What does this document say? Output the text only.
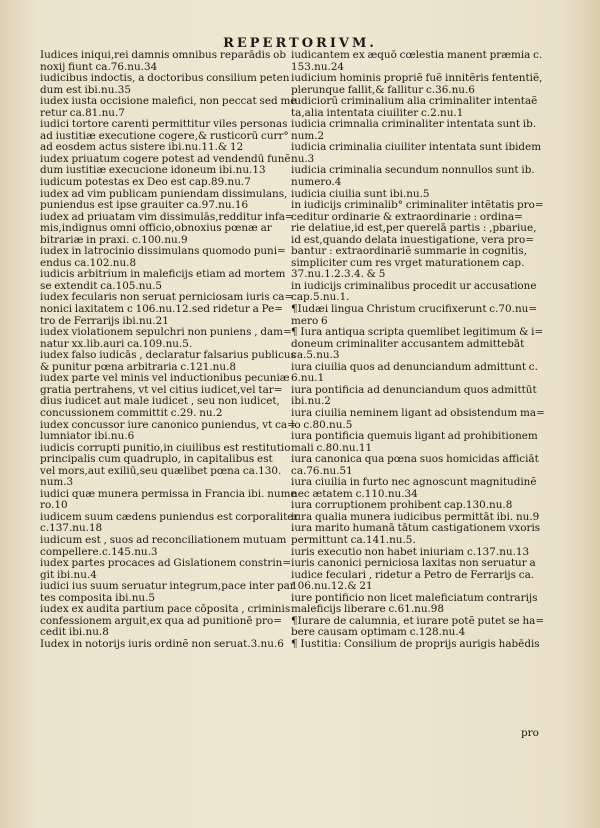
REPERTORIVM.
Iudices iniqui,rei damnis omnibus reparādis ob
noxij fiunt ca.76.nu.34
iudicibus indoctis, a doctoribus consilium peten
dum est ibi.nu.35
iudex iusta occisione malefici, non peccat sed me
retur ca.81.nu.7
iudici tortore carenti permittitur viles personas
ad iustitiæ executione cogere,& rusticorū curr°
ad eosdem actus sistere ibi.nu.11.& 12
iudex priuatum cogere potest ad vendendū funẽ
dum iustitiæ execucione idoneum ibi.nu.13
iudicum potestas ex Deo est cap.89.nu.7
iudex ad vim publicam puniendam dissimulans,
puniendus est ipse grauiter ca.97.nu.16
iudex ad priuatam vim dissimulās,redditur infa=
mis,indignus omni officio,obnoxius pœnæ ar
bitrariæ in praxi. c.100.nu.9
iudex in latrocinio dissimulans quomodo puni=
endus ca.102.nu.8
iudicis arbitrium in maleficijs etiam ad mortem
se extendit ca.105.nu.5
iudex fecularis non seruat perniciosam iuris ca=
nonici laxitatem c 106.nu.12.sed ridetur a Pe=
tro de Ferrarijs ibi.nu.21
iudex violationem sepulchri non puniens , dam=
natur xx.lib.auri ca.109.nu.5.
iudex falso iudicās , declaratur falsarius publicus
& punitur pœna arbitraria c.121.nu.8
iudex parte vel minis vel inductionibus pecuniæ
gratia pertrahens, vt vel citius iudicet,vel tar=
dius iudicet aut male iudicet , seu non iudicet,
concussionem committit c.29. nu.2
iudex concussor iure canonico puniendus, vt ca=
lumniator ibi.nu.6
iudicis corrupti punitio,in ciuilibus est restitutio
principalis cum quadruplo, in capitalibus est
vel mors,aut exiliū,seu quælibet pœna ca.130.
num.3
iudici quæ munera permissa in Francia ibi. nume
ro.10
iudicem suum cædens puniendus est corporaliter
c.137.nu.18
iudicum est , suos ad reconciliationem mutuam
compellere.c.145.nu.3
iudex partes procaces ad Gislationem constrin=
git ibi.nu.4
iudici ius suum seruatur integrum,pace inter par
tes composita ibi.nu.5
iudex ex audita partium pace cōposita , criminis
confessionem arguit,ex qua ad punitionē pro=
cedit ibi.nu.8
Iudex in notorijs iuris ordinẽ non seruat.3.nu.6
iudicantem ex æquō cœlestia manent præmia c.
153.nu.24
iudicium hominis propriẽ fuẽ innitẽris fententiẽ,
plerunque fallit,& fallitur c.36.nu.6
iudiciorū criminalium alia criminaliter intentaẽ
ta,alia intentata ciuiliter c.2.nu.1
iudicia crimnalia criminaliter intentata sunt ib.
num.2
iudicia criminalia ciuiliter intentata sunt ibidem
nu.3
iudicia criminalia secundum nonnullos sunt ib.
numero.4
iudicia ciuilia sunt ibi.nu.5
in iudicijs criminalib° criminaliter intẽtatis pro=
ceditur ordinarie & extraordinarie : ordina=
rie delatiue,id est,per querelā partis : ,pbariue,
id est,quando delata inuestigatione, vera pro=
bantur : extraordinariẽ summarie in cognitis,
simpliciter cum res vrget maturationem cap.
37.nu.1.2.3.4. & 5
in iudicijs criminalibus procedit ur accusatione
cap.5.nu.1.
¶Iudæi lingua Christum crucifixerunt c.70.nu=
mero 6
¶ Iura antiqua scripta quemlibet legitimum & i=
doneum criminaliter accusantem admittebāt
ca.5.nu.3
iura ciuilia quos ad denunciandum admittunt c.
6.nu.1
iura pontificia ad denunciandum quos admittūt
ibi.nu.2
iura ciuilia neminem ligant ad obsistendum ma=
lo c.80.nu.5
iura pontificia quemuis ligant ad prohibitionem
mali c.80.nu.11
iura canonica qua pœna suos homicidas afficiāt
ca.76.nu.51
iura ciuilia in furto nec agnoscunt magnitudinẽ
nec ætatem c.110.nu.34
iura corruptionem prohibent cap.130.nu.8
iura qualia munera iudicibus permittāt ibi. nu.9
iura marito humanā tātum castigationem vxoris
permittunt ca.141.nu.5.
iuris executio non habet iniuriam c.137.nu.13
iuris canonici perniciosa laxitas non seruatur a
iudice feculari , ridetur a Petro de Ferrarijs ca.
106.nu.12.& 21
iure pontificio non licet maleficiatum contrarijs
maleficijs liberare c.61.nu.98
¶Iurare de calumnia, et iurare potẽ putet se ha=
bere causam optimam c.128.nu.4
¶ Iustitia: Consilium de proprijs aurigis habēdis
pro
